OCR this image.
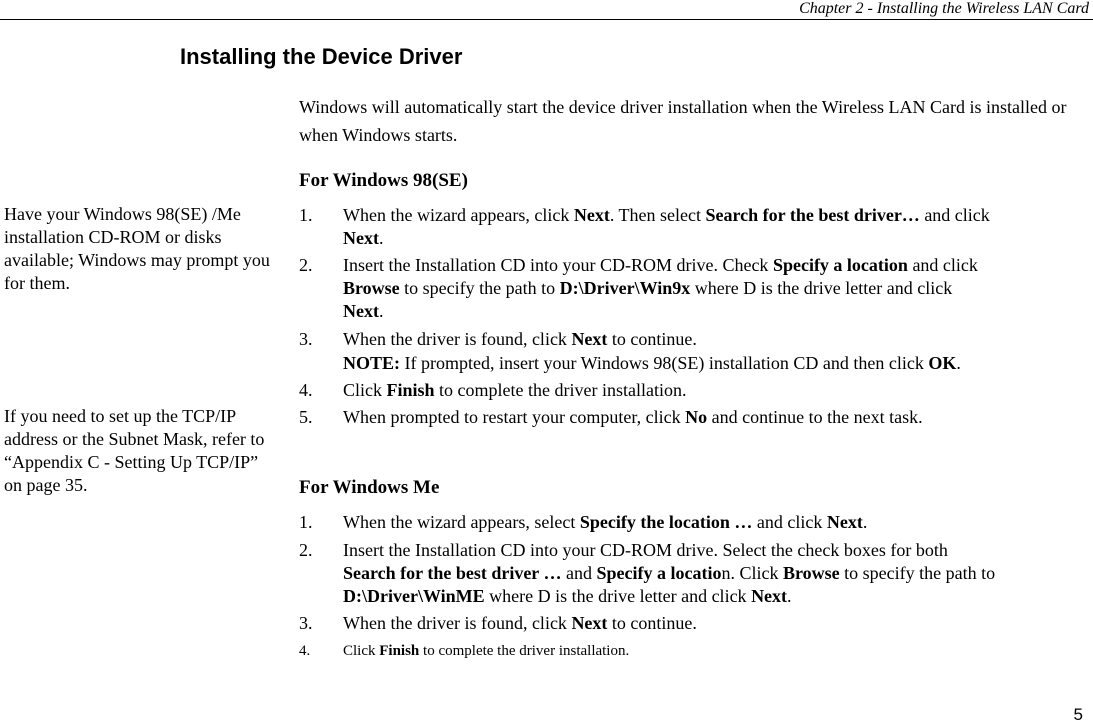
Chapter 2 - Installing the Wireless LAN Card
Installing the Device Driver
Windows will automatically start the device driver installation when the Wireless LAN Card is installed or when Windows starts.
Have your Windows 98(SE) /Me installation CD-ROM or disks available; Windows may prompt you for them.
If you need to set up the TCP/IP address or the Subnet Mask, refer to “Appendix C - Setting Up TCP/IP” on page 35.
For Windows 98(SE)
1. When the wizard appears, click Next. Then select Search for the best driver… and click
Next.
2. Insert the Installation CD into your CD-ROM drive. Check Specify a location and click
Browse to specify the path to D:\Driver\Win9x where D is the drive letter and click
Next.
3. When the driver is found, click Next to continue.
NOTE: If prompted, insert your Windows 98(SE) installation CD and then click OK.
4. Click Finish to complete the driver installation.
5. When prompted to restart your computer, click No and continue to the next task.
For Windows Me
1. When the wizard appears, select Specify the location … and click Next.
2. Insert the Installation CD into your CD-ROM drive. Select the check boxes for both
Search for the best driver … and Specify a location. Click Browse to specify the path to
D:\Driver\WinME where D is the drive letter and click Next.
3. When the driver is found, click Next to continue.
4. Click Finish to complete the driver installation.
5
